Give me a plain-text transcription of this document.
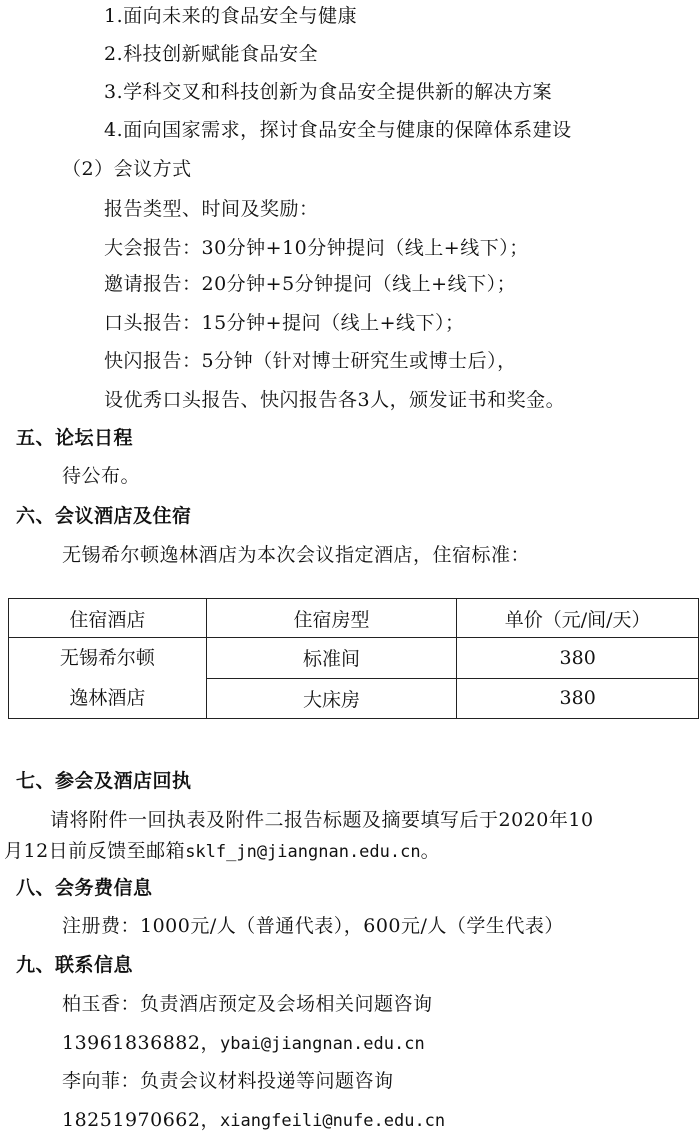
1.面向未来的食品安全与健康
2.科技创新赋能食品安全
3.学科交叉和科技创新为食品安全提供新的解决方案
4.面向国家需求，探讨食品安全与健康的保障体系建设
（2）会议方式
报告类型、时间及奖励：
大会报告：30分钟+10分钟提问（线上+线下）；
邀请报告：20分钟+5分钟提问（线上+线下）；
口头报告：15分钟+提问（线上+线下）；
快闪报告：5分钟（针对博士研究生或博士后），
设优秀口头报告、快闪报告各3人，颁发证书和奖金。
五、论坛日程
待公布。
六、会议酒店及住宿
无锡希尔顿逸林酒店为本次会议指定酒店，住宿标准：
住宿酒店	住宿房型	单价（元/间/天）

无锡希尔顿
逸林酒店	标准间	380
	大床房	380
七、参会及酒店回执
请将附件一回执表及附件二报告标题及摘要填写后于2020年10
月12日前反馈至邮箱sklf_jn@jiangnan.edu.cn。
八、会务费信息
注册费：1000元/人（普通代表），600元/人（学生代表）
九、联系信息
柏玉香：负责酒店预定及会场相关问题咨询
13961836882，ybai@jiangnan.edu.cn
李向菲：负责会议材料投递等问题咨询
18251970662，xiangfeili@nufe.edu.cn
